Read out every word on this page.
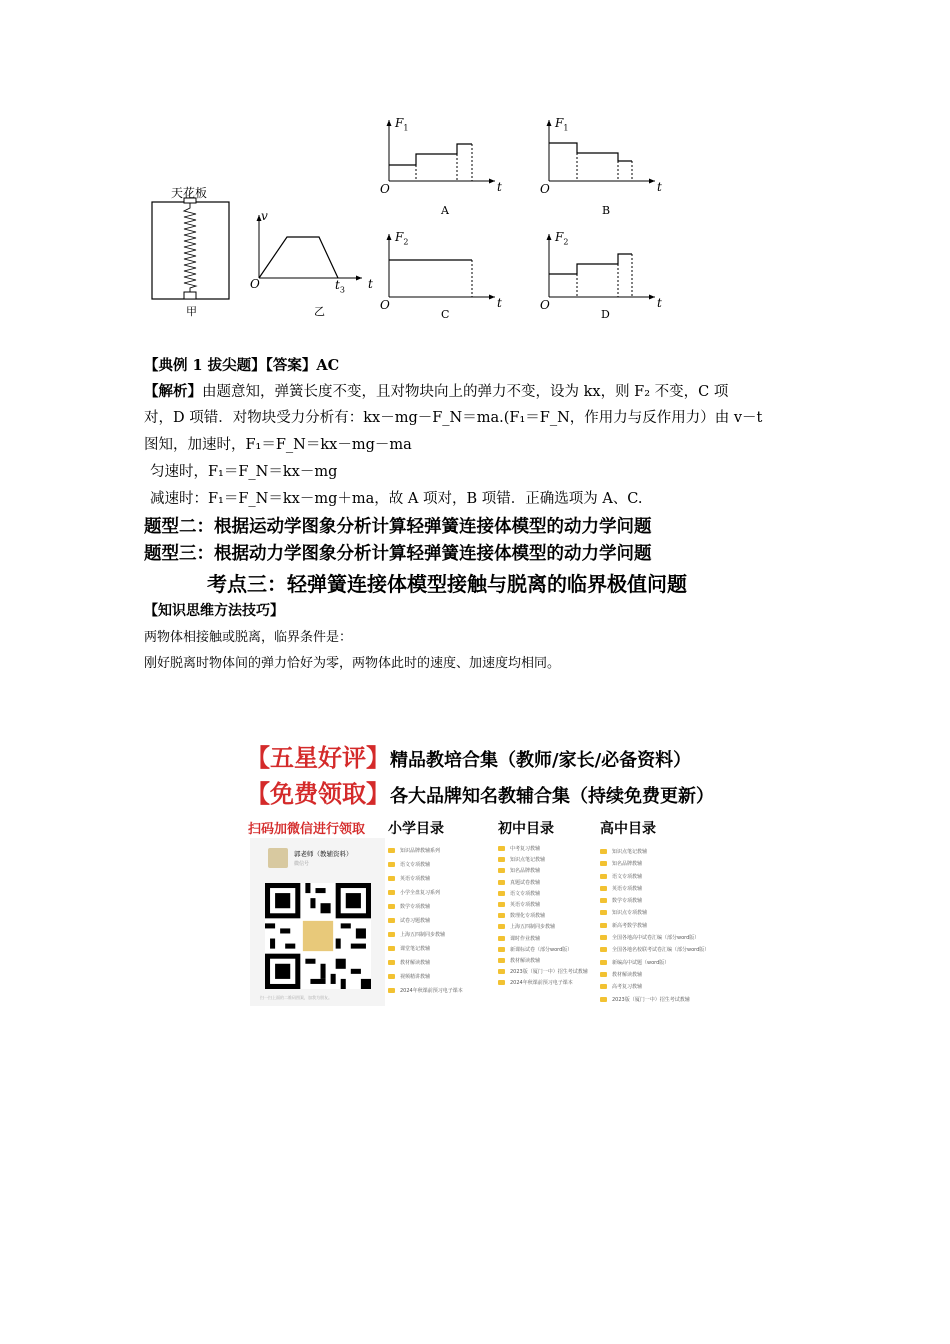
天花板
甲
v
O	$t_3$ t
乙
$F_1$
O	t
A
$F_1$
O	t
B
$F_2$
O	t
C
$F_2$
O	t
D
【典例 1 拔尖题】【答案】AC
【解析】由题意知，弹簧长度不变，且对物块向上的弹力不变，设为 kx，则 F₂ 不变，C 项
对，D 项错．对物块受力分析有：kx－mg－F_N＝ma.(F₁＝F_N，作用力与反作用力）由 v－t
图知，加速时，F₁＝F_N＝kx－mg－ma
匀速时，F₁＝F_N＝kx－mg
减速时：F₁＝F_N＝kx－mg＋ma，故 A 项对，B 项错．正确选项为 A、C.
题型二：根据运动学图象分析计算轻弹簧连接体模型的动力学问题
题型三：根据动力学图象分析计算轻弹簧连接体模型的动力学问题
考点三：轻弹簧连接体模型接触与脱离的临界极值问题
【知识思维方法技巧】
两物体相接触或脱离，临界条件是：
刚好脱离时物体间的弹力恰好为零，两物体此时的速度、加速度均相同。
【五星好评】精品教培合集（教师/家长/必备资料）
【免费领取】各大品牌知名教辅合集（持续免费更新）
扫码加微信进行领取
郭老师（教辅资料）
微信号
扫一扫上面的二维码图案，加我为朋友。
小学目录
知识品牌教辅系列
语文专项教辅
英语专项教辅
小学全盘复习系列
数学专项教辅
试卷习题教辅
上海五四制同步教辅
课堂笔记教辅
教材解读教辅
视频精讲教辅
2024年秋课前预习电子课本
初中目录
中考复习教辅
知识点笔记教辅
知名品牌教辅
真题试卷教辅
语文专项教辅
英语专项教辅
数理化专项教辅
上海五四制同步教辅
课时作业教辅
新课标试卷（部分word版）
教材解读教辅
2023版（厦门一中）招生考试教辅
2024年秋课前预习电子课本
高中目录
知识点笔记教辅
知名品牌教辅
语文专项教辅
英语专项教辅
数学专项教辅
知识点专项教辅
新高考数学教辅
全国各地高中试卷汇编（部分word版）
全国各地名校联考试卷汇编（部分word版）
新编高中试题（word版）
教材解读教辅
高考复习教辅
2023版（厦门一中）招生考试教辅
